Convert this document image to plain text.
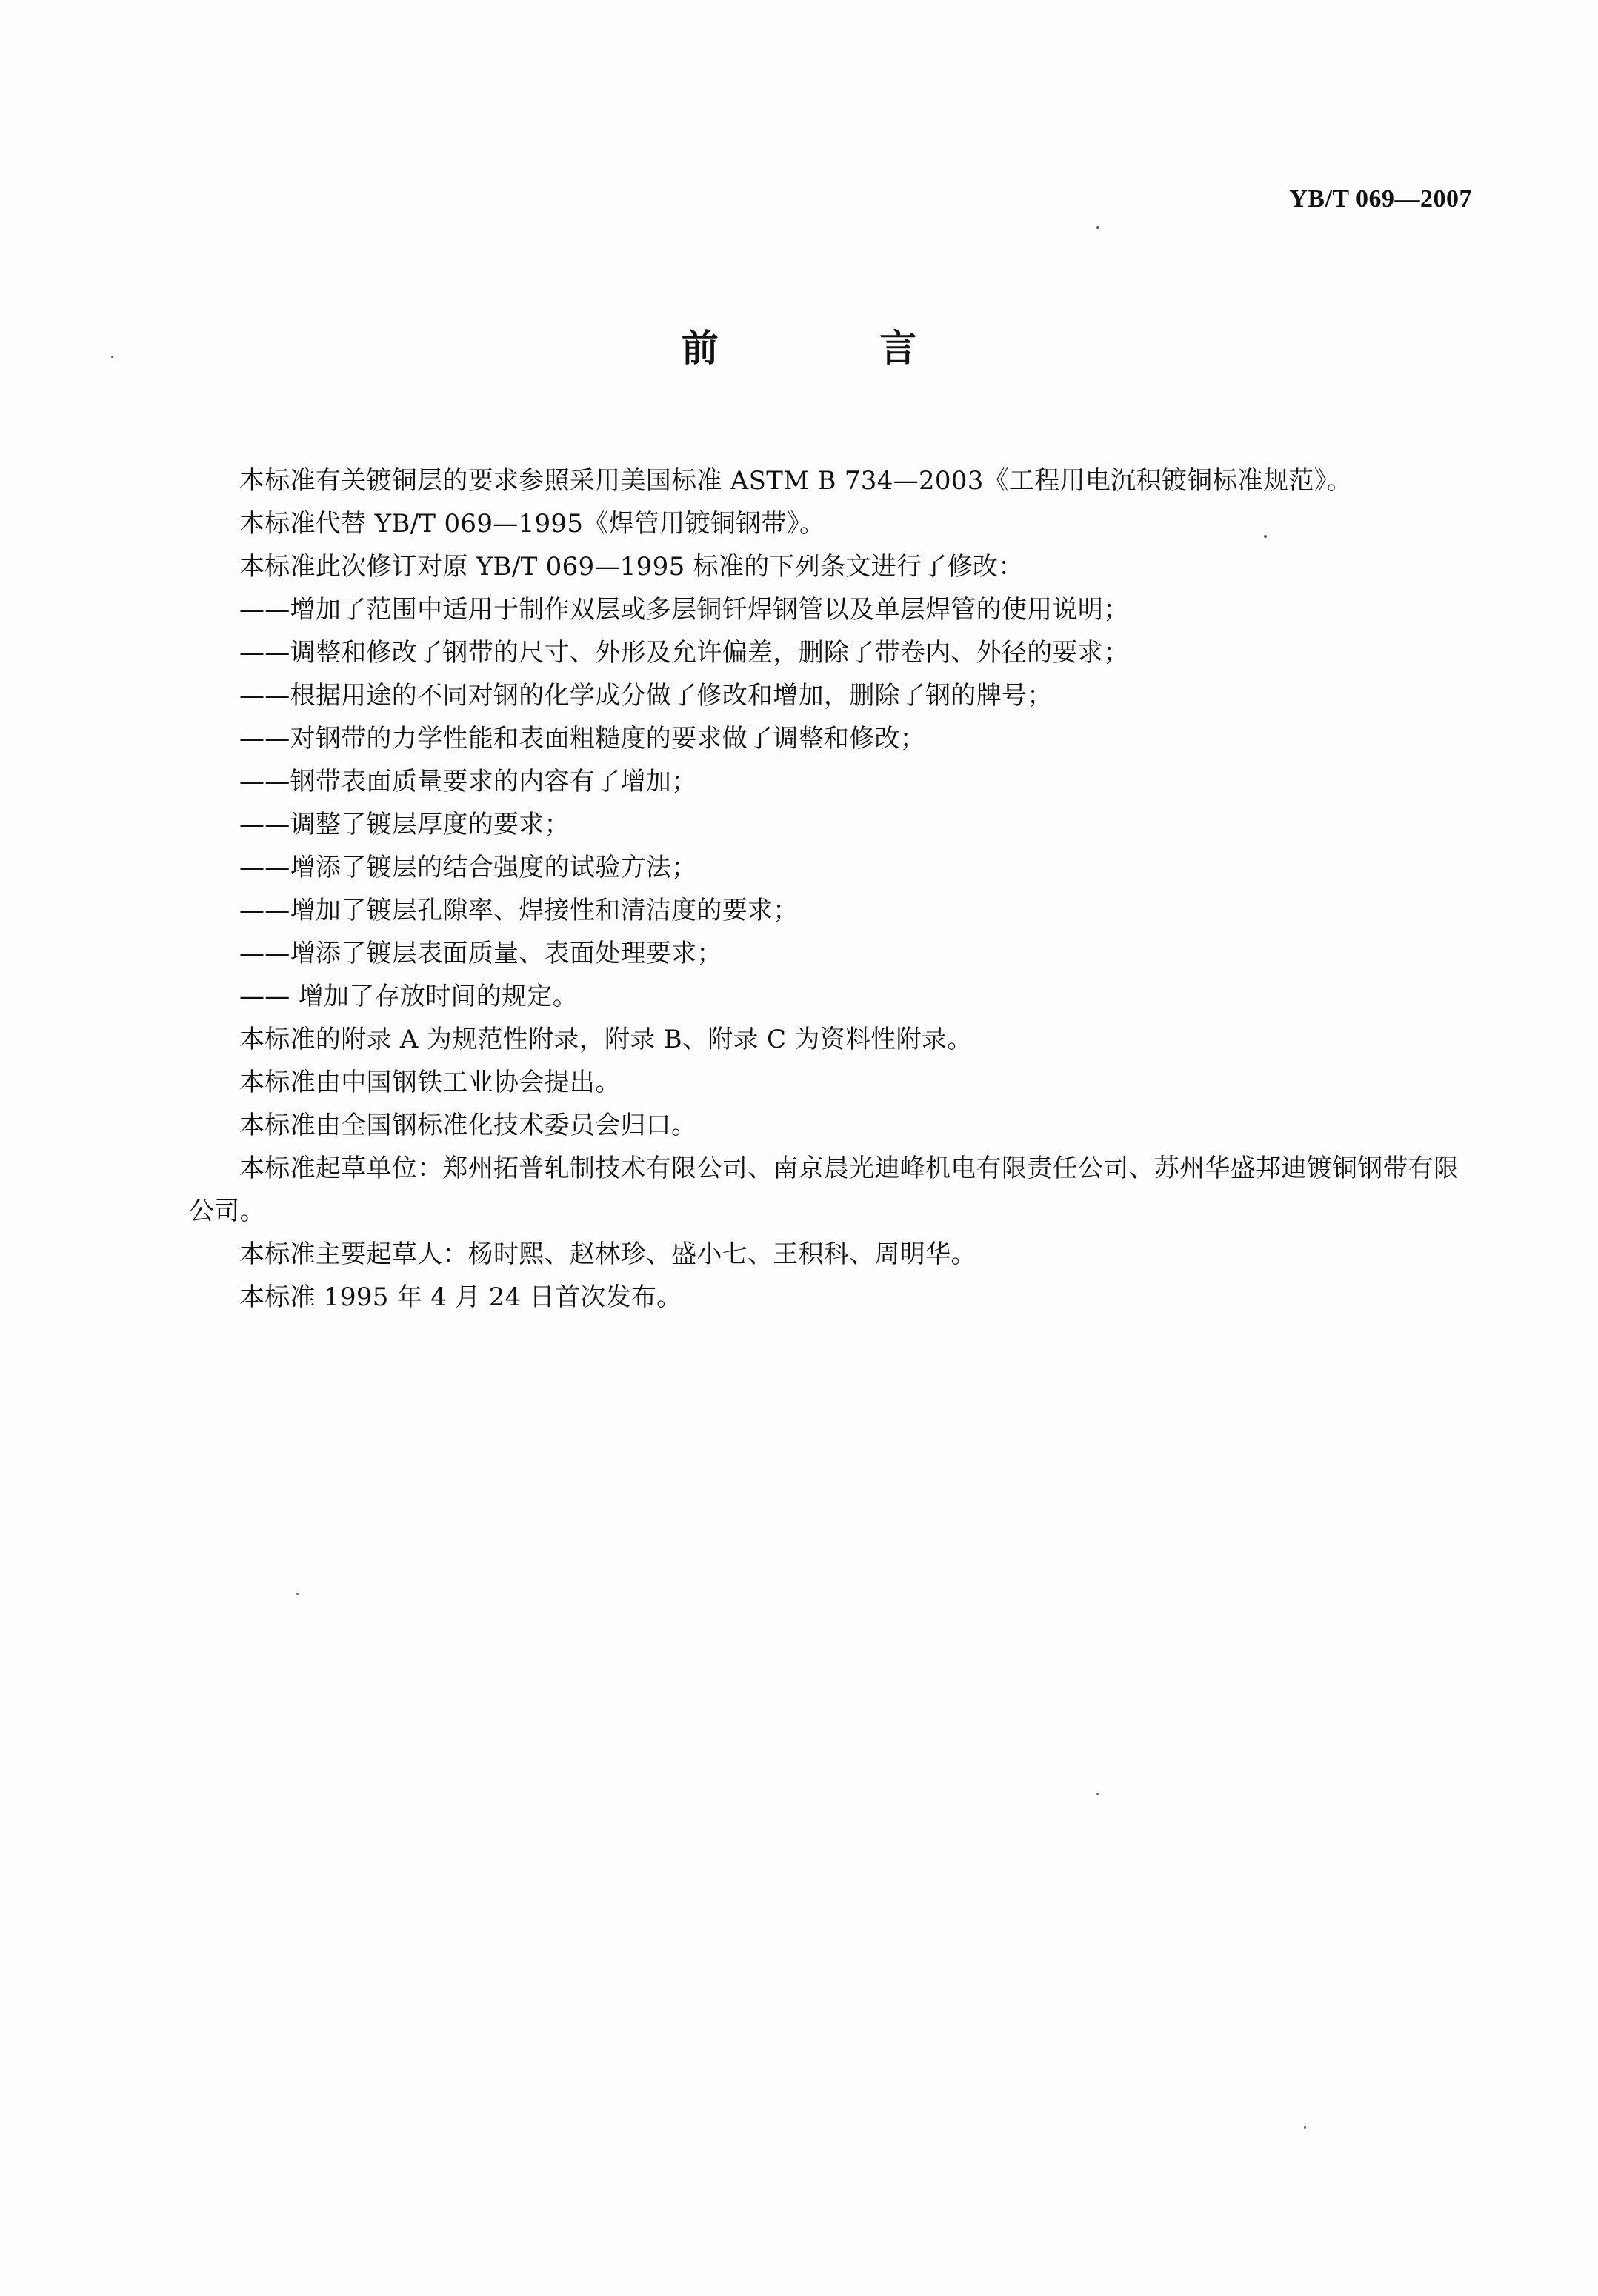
YB/T 069—2007
前 言

本标准有关镀铜层的要求参照采用美国标准 ASTM B 734—2003《工程用电沉积镀铜标准规范》。

本标准代替 YB/T 069—1995《焊管用镀铜钢带》。

本标准此次修订对原 YB/T 069—1995 标准的下列条文进行了修改：

——增加了范围中适用于制作双层或多层铜钎焊钢管以及单层焊管的使用说明；

——调整和修改了钢带的尺寸、外形及允许偏差，删除了带卷内、外径的要求；

——根据用途的不同对钢的化学成分做了修改和增加，删除了钢的牌号；

——对钢带的力学性能和表面粗糙度的要求做了调整和修改；

——钢带表面质量要求的内容有了增加；

——调整了镀层厚度的要求；

——增添了镀层的结合强度的试验方法；

——增加了镀层孔隙率、焊接性和清洁度的要求；

——增添了镀层表面质量、表面处理要求；

—— 增加了存放时间的规定。

本标准的附录 A 为规范性附录，附录 B、附录 C 为资料性附录。

本标准由中国钢铁工业协会提出。

本标准由全国钢标准化技术委员会归口。

本标准起草单位：郑州拓普轧制技术有限公司、南京晨光迪峰机电有限责任公司、苏州华盛邦迪镀铜钢带有限公司。

本标准主要起草人：杨时熙、赵林珍、盛小七、王积科、周明华。

本标准 1995 年 4 月 24 日首次发布。
